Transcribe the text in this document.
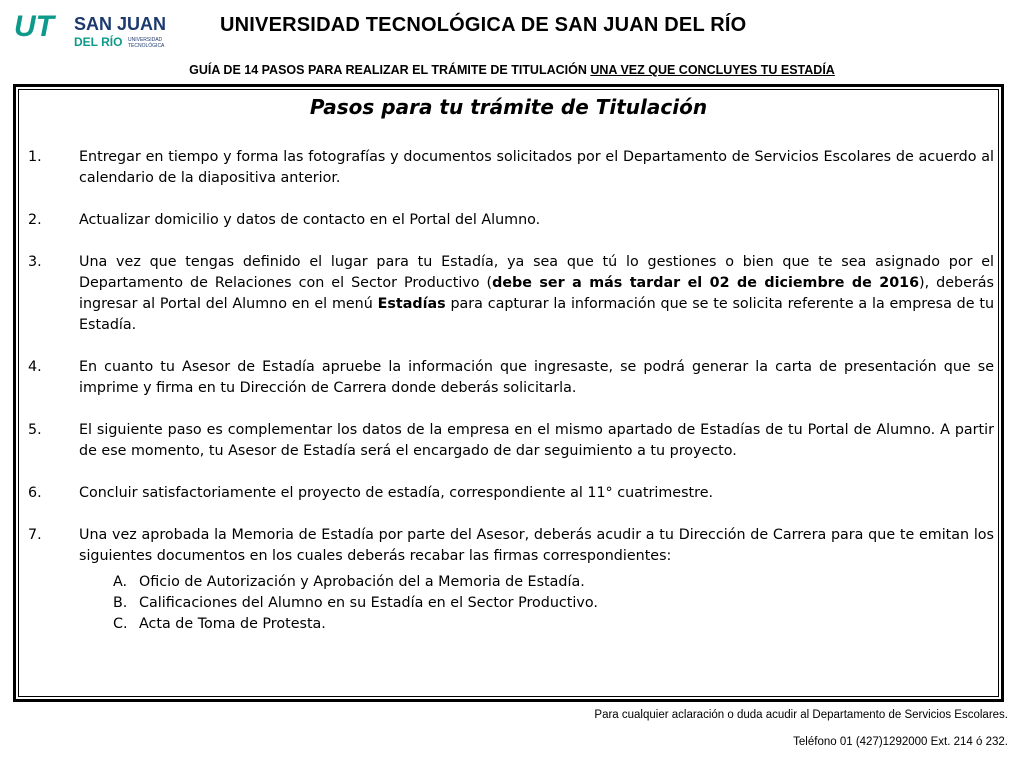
UT SAN JUAN
DEL RÍO UNIVERSIDAD
TECNOLÓGICA
UNIVERSIDAD TECNOLÓGICA DE SAN JUAN DEL RÍO
GUÍA DE 14 PASOS PARA REALIZAR EL TRÁMITE DE TITULACIÓN UNA VEZ QUE CONCLUYES TU ESTADÍA
Pasos para tu trámite de Titulación
1.	Entregar en tiempo y forma las fotografías y documentos solicitados por el Departamento de Servicios Escolares de acuerdo al calendario de la diapositiva anterior.
2.	Actualizar domicilio y datos de contacto en el Portal del Alumno.
3.	Una vez que tengas definido el lugar para tu Estadía, ya sea que tú lo gestiones o bien que te sea asignado por el Departamento de Relaciones con el Sector Productivo (debe ser a más tardar el 02 de diciembre de 2016), deberás ingresar al Portal del Alumno en el menú Estadías para capturar la información que se te solicita referente a la empresa de tu Estadía.
4.	En cuanto tu Asesor de Estadía apruebe la información que ingresaste, se podrá generar la carta de presentación que se imprime y firma en tu Dirección de Carrera donde deberás solicitarla.
5.	El siguiente paso es complementar los datos de la empresa en el mismo apartado de Estadías de tu Portal de Alumno. A partir de ese momento, tu Asesor de Estadía será el encargado de dar seguimiento a tu proyecto.
6.	Concluir satisfactoriamente el proyecto de estadía, correspondiente al 11° cuatrimestre.
7.	Una vez aprobada la Memoria de Estadía por parte del Asesor, deberás acudir a tu Dirección de Carrera para que te emitan los siguientes documentos en los cuales deberás recabar las firmas correspondientes:
A. Oficio de Autorización y Aprobación del a Memoria de Estadía.
B. Calificaciones del Alumno en su Estadía en el Sector Productivo.
C. Acta de Toma de Protesta.
Para cualquier aclaración o duda acudir al Departamento de Servicios Escolares.
Teléfono 01 (427)1292000 Ext. 214 ó 232.
